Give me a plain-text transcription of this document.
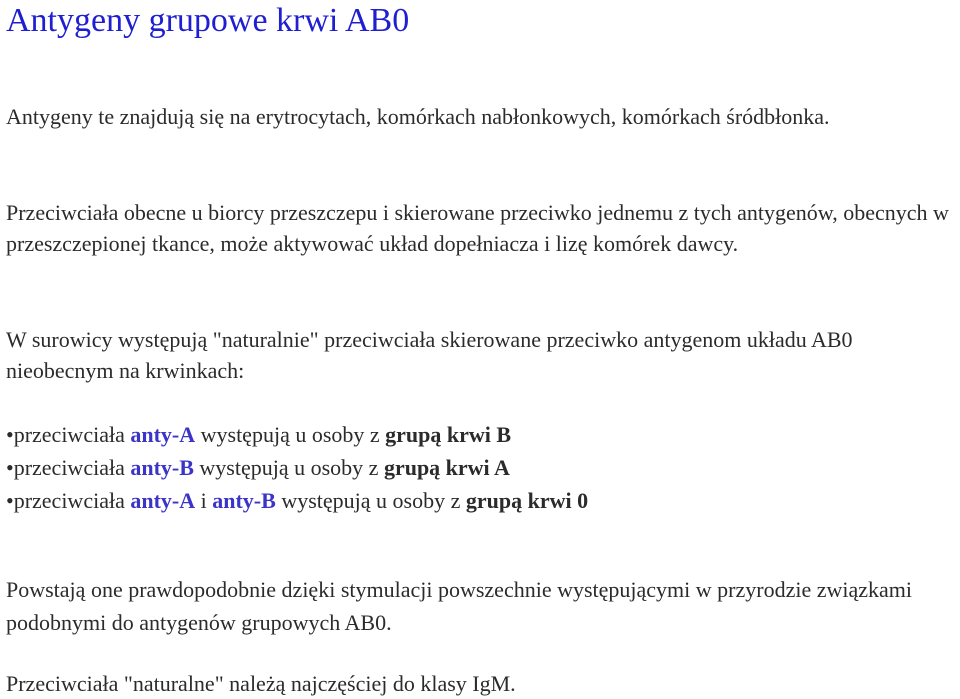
Antygeny grupowe krwi AB0

Antygeny te znajdują się na erytrocytach, komórkach nabłonkowych, komórkach śródbłonka.

Przeciwciała obecne u biorcy przeszczepu i skierowane przeciwko jednemu z tych antygenów, obecnych w przeszczepionej tkance, może aktywować układ dopełniacza i lizę komórek dawcy.

W surowicy występują "naturalnie" przeciwciała skierowane przeciwko antygenom układu AB0 nieobecnym na krwinkach:

•przeciwciała anty-A występują u osoby z grupą krwi B
•przeciwciała anty-B występują u osoby z grupą krwi A
•przeciwciała anty-A i anty-B występują u osoby z grupą krwi 0

Powstają one prawdopodobnie dzięki stymulacji powszechnie występującymi w przyrodzie związkami podobnymi do antygenów grupowych AB0.

Przeciwciała "naturalne" należą najczęściej do klasy IgM.
